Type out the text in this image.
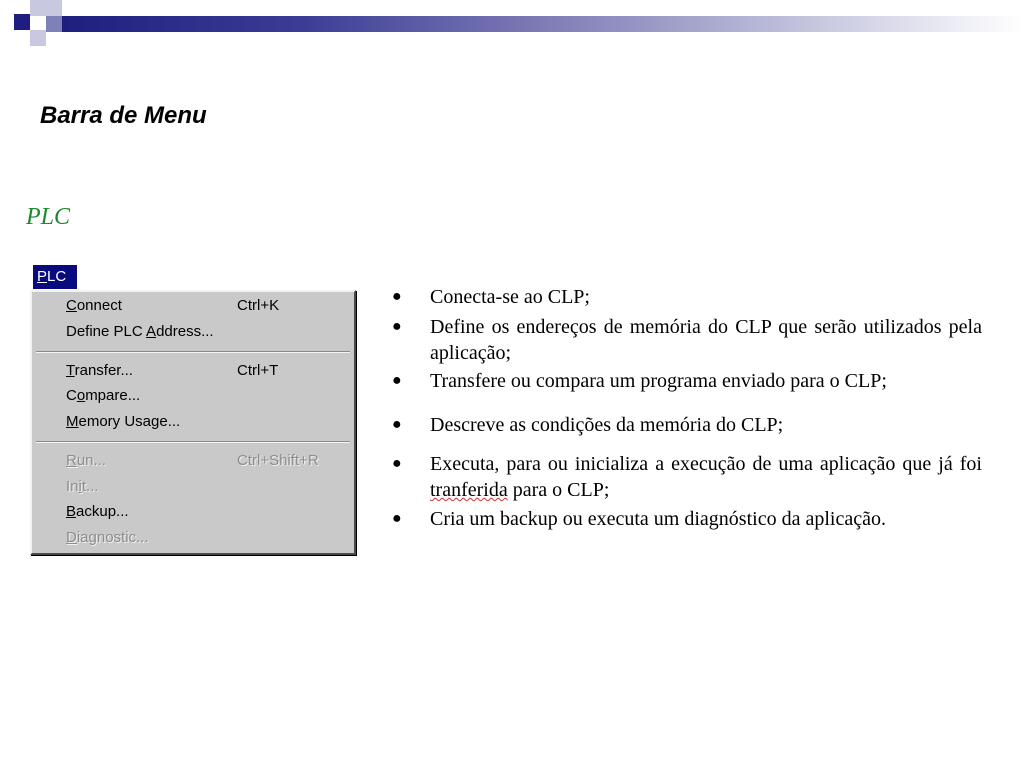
Barra de Menu
PLC
PLC
Connect	Ctrl+K
Define PLC Address...
Transfer...	Ctrl+T
Compare...
Memory Usage...
Run...	Ctrl+Shift+R
Init...
Backup...
Diagnostic...
● Conecta-se ao CLP;
● Define os endereços de memória do CLP que serão utilizados pela aplicação;
● Transfere ou compara um programa enviado para o CLP;
● Descreve as condições da memória do CLP;
● Executa, para ou inicializa a execução de uma aplicação que já foi tranferida para o CLP;
● Cria um backup ou executa um diagnóstico da aplicação.
